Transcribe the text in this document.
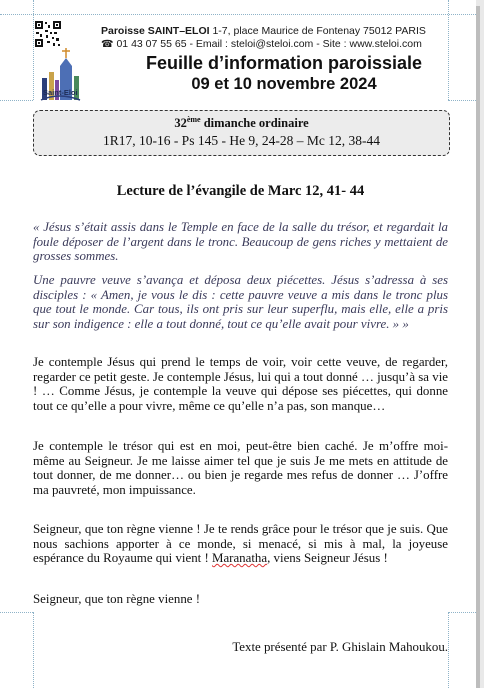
Saint-Eloi
Paroisse SAINT–ELOI 1-7, place Maurice de Fontenay 75012 PARIS
☎ 01 43 07 55 65 - Email : steloi@steloi.com - Site : www.steloi.com
Feuille d’information paroissiale
09 et 10 novembre 2024
32ème dimanche ordinaire
1R17, 10-16 - Ps 145 - He 9, 24-28 – Mc 12, 38-44
Lecture de l’évangile de Marc 12, 41- 44
« Jésus s’était assis dans le Temple en face de la salle du trésor, et regardait la foule déposer de l’argent dans le tronc. Beaucoup de gens riches y mettaient de grosses sommes.
Une pauvre veuve s’avança et déposa deux piécettes. Jésus s’adressa à ses disciples : « Amen, je vous le dis : cette pauvre veuve a mis dans le tronc plus que tout le monde. Car tous, ils ont pris sur leur superflu, mais elle, elle a pris sur son indigence : elle a tout donné, tout ce qu’elle avait pour vivre. » »
Je contemple Jésus qui prend le temps de voir, voir cette veuve, de regarder, regarder ce petit geste. Je contemple Jésus, lui qui a tout donné … jusqu’à sa vie ! … Comme Jésus, je contemple la veuve qui dépose ses piécettes, qui donne tout ce qu’elle a pour vivre, même ce qu’elle n’a pas, son manque…
Je contemple le trésor qui est en moi, peut-être bien caché. Je m’offre moi-même au Seigneur. Je me laisse aimer tel que je suis Je me mets en attitude de tout donner, de me donner… ou bien je regarde mes refus de donner … J’offre ma pauvreté, mon impuissance.
Seigneur, que ton règne vienne ! Je te rends grâce pour le trésor que je suis. Que nous sachions apporter à ce monde, si menacé, si mis à mal, la joyeuse espérance du Royaume qui vient ! Maranatha, viens Seigneur Jésus !
Seigneur, que ton règne vienne !
Texte présenté par P. Ghislain Mahoukou.
